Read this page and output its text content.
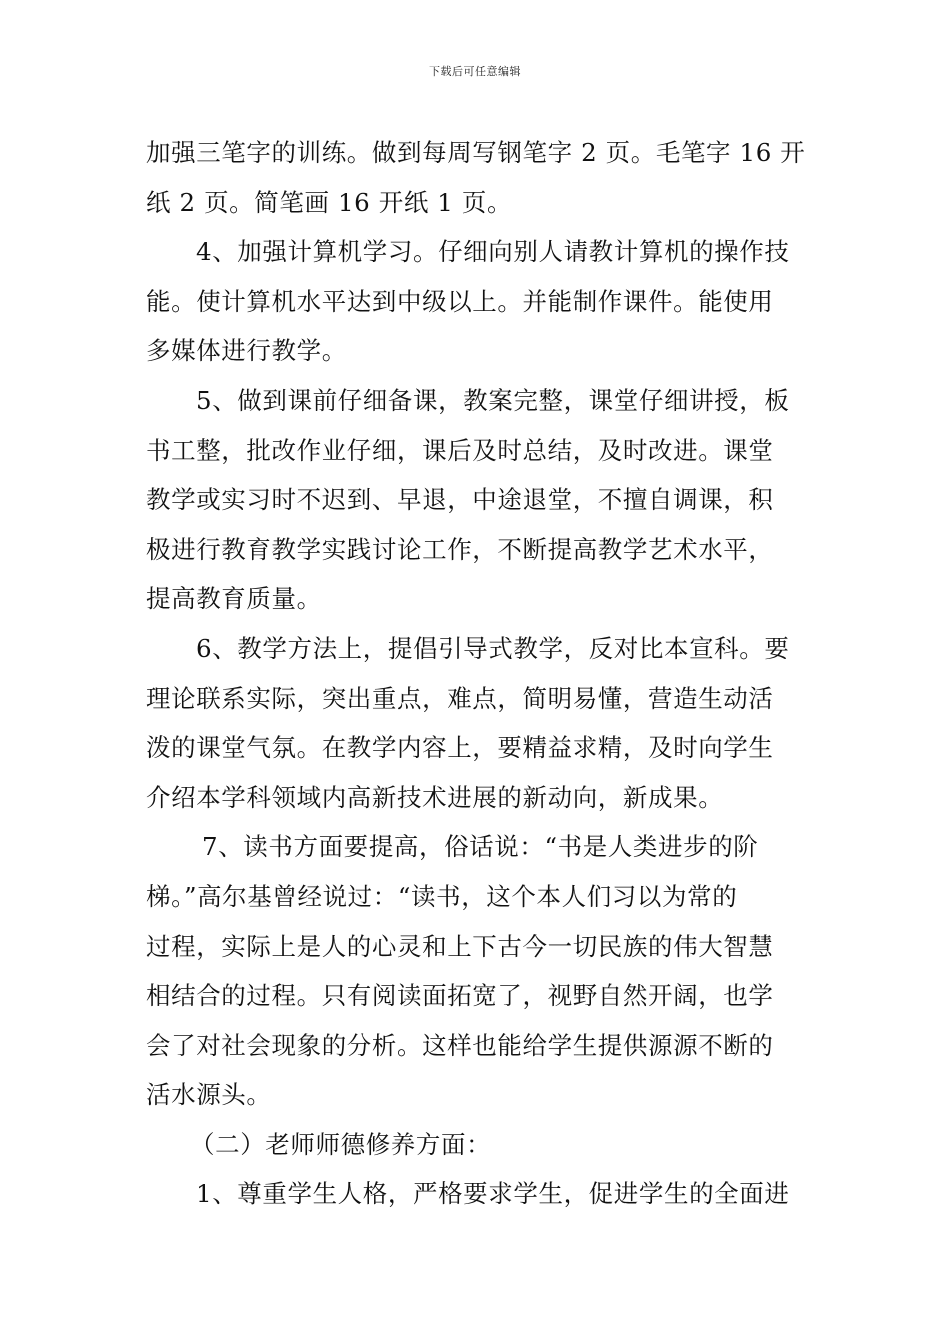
下载后可任意编辑
加强三笔字的训练。做到每周写钢笔字 2 页。毛笔字 16 开
纸 2 页。简笔画 16 开纸 1 页。
4、加强计算机学习。仔细向别人请教计算机的操作技
能。使计算机水平达到中级以上。并能制作课件。能使用
多媒体进行教学。
5、做到课前仔细备课，教案完整，课堂仔细讲授，板
书工整，批改作业仔细，课后及时总结，及时改进。课堂
教学或实习时不迟到、早退，中途退堂，不擅自调课，积
极进行教育教学实践讨论工作，不断提高教学艺术水平，
提高教育质量。
6、教学方法上，提倡引导式教学，反对比本宣科。要
理论联系实际，突出重点，难点，简明易懂，营造生动活
泼的课堂气氛。在教学内容上，要精益求精，及时向学生
介绍本学科领域内高新技术进展的新动向，新成果。
7、读书方面要提高，俗话说：“书是人类进步的阶
梯。”高尔基曾经说过：“读书，这个本人们习以为常的
过程，实际上是人的心灵和上下古今一切民族的伟大智慧
相结合的过程。只有阅读面拓宽了，视野自然开阔，也学
会了对社会现象的分析。这样也能给学生提供源源不断的
活水源头。
（二）老师师德修养方面：
1、尊重学生人格，严格要求学生，促进学生的全面进
